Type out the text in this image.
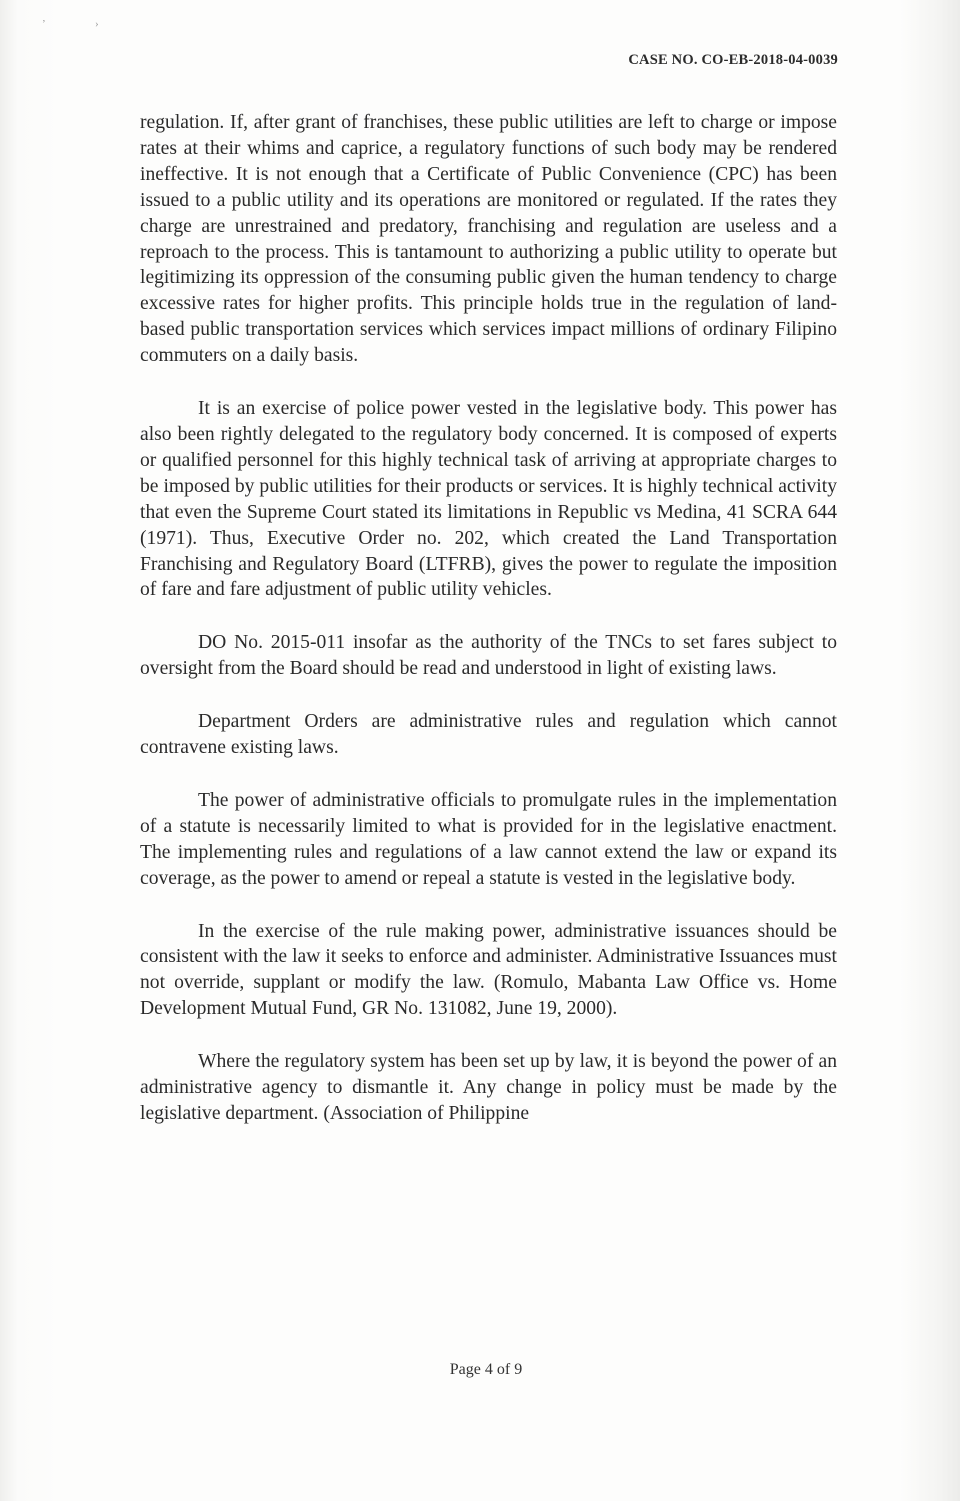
ʼ	›
CASE NO. CO-EB-2018-04-0039

regulation. If, after grant of franchises, these public utilities are left to charge or impose rates at their whims and caprice, a regulatory functions of such body may be rendered ineffective. It is not enough that a Certificate of Public Convenience (CPC) has been issued to a public utility and its operations are monitored or regulated. If the rates they charge are unrestrained and predatory, franchising and regulation are useless and a reproach to the process. This is tantamount to authorizing a public utility to operate but legitimizing its oppression of the consuming public given the human tendency to charge excessive rates for higher profits. This principle holds true in the regulation of land-based public transportation services which services impact millions of ordinary Filipino commuters on a daily basis.

It is an exercise of police power vested in the legislative body. This power has also been rightly delegated to the regulatory body concerned. It is composed of experts or qualified personnel for this highly technical task of arriving at appropriate charges to be imposed by public utilities for their products or services. It is highly technical activity that even the Supreme Court stated its limitations in Republic vs Medina, 41 SCRA 644 (1971). Thus, Executive Order no. 202, which created the Land Transportation Franchising and Regulatory Board (LTFRB), gives the power to regulate the imposition of fare and fare adjustment of public utility vehicles.

DO No. 2015-011 insofar as the authority of the TNCs to set fares subject to oversight from the Board should be read and understood in light of existing laws.

Department Orders are administrative rules and regulation which cannot contravene existing laws.

The power of administrative officials to promulgate rules in the implementation of a statute is necessarily limited to what is provided for in the legislative enactment. The implementing rules and regulations of a law cannot extend the law or expand its coverage, as the power to amend or repeal a statute is vested in the legislative body.

In the exercise of the rule making power, administrative issuances should be consistent with the law it seeks to enforce and administer. Administrative Issuances must not override, supplant or modify the law. (Romulo, Mabanta Law Office vs. Home Development Mutual Fund, GR No. 131082, June 19, 2000).

Where the regulatory system has been set up by law, it is beyond the power of an administrative agency to dismantle it. Any change in policy must be made by the legislative department. (Association of Philippine

Page 4 of 9
